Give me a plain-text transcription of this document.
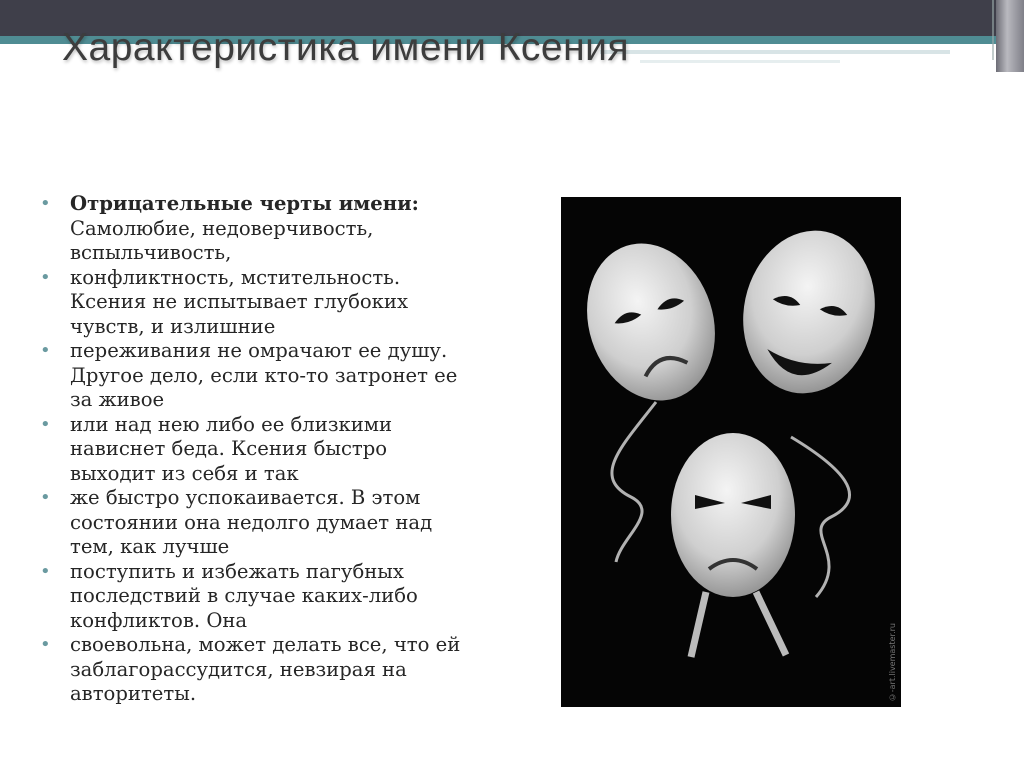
Характеристика имени Ксения
• Отрицательные черты имени: Самолюбие, недоверчивость, вспыльчивость,
• конфликтность, мстительность. Ксения не испытывает глубоких чувств, и излишние
• переживания не омрачают ее душу. Другое дело, если кто-то затронет ее за живое
• или над нею либо ее близкими нависнет беда. Ксения быстро выходит из себя и так
• же быстро успокаивается. В этом состоянии она недолго думает над тем, как лучше
• поступить и избежать пагубных последствий в случае каких-либо конфликтов. Она
• своевольна, может делать все, что ей заблагорассудится, невзирая на авторитеты.	©-art.livemaster.ru
